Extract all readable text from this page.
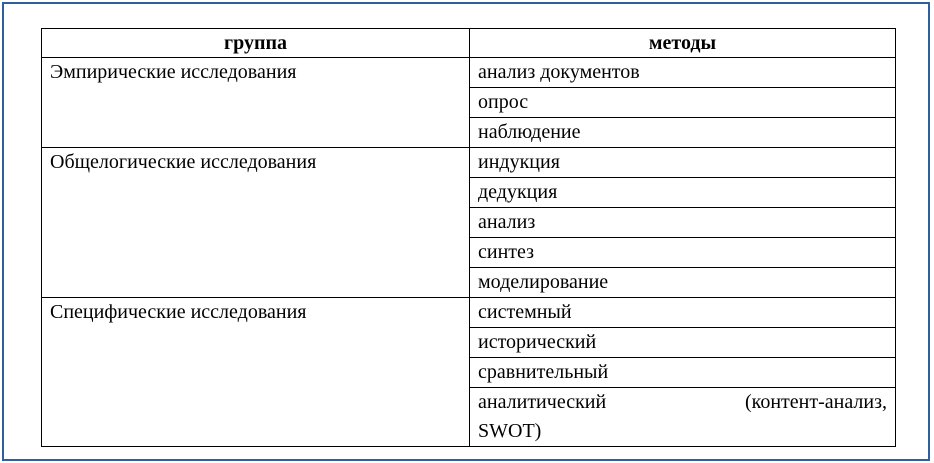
группа	методы
Эмпирические исследования	анализ документов
	опрос
	наблюдение
Общелогические исследования	индукция
	дедукция
	анализ
	синтез
	моделирование
Специфические исследования	системный
	исторический
	сравнительный

	аналитический (контент-анализ,
SWOT)
